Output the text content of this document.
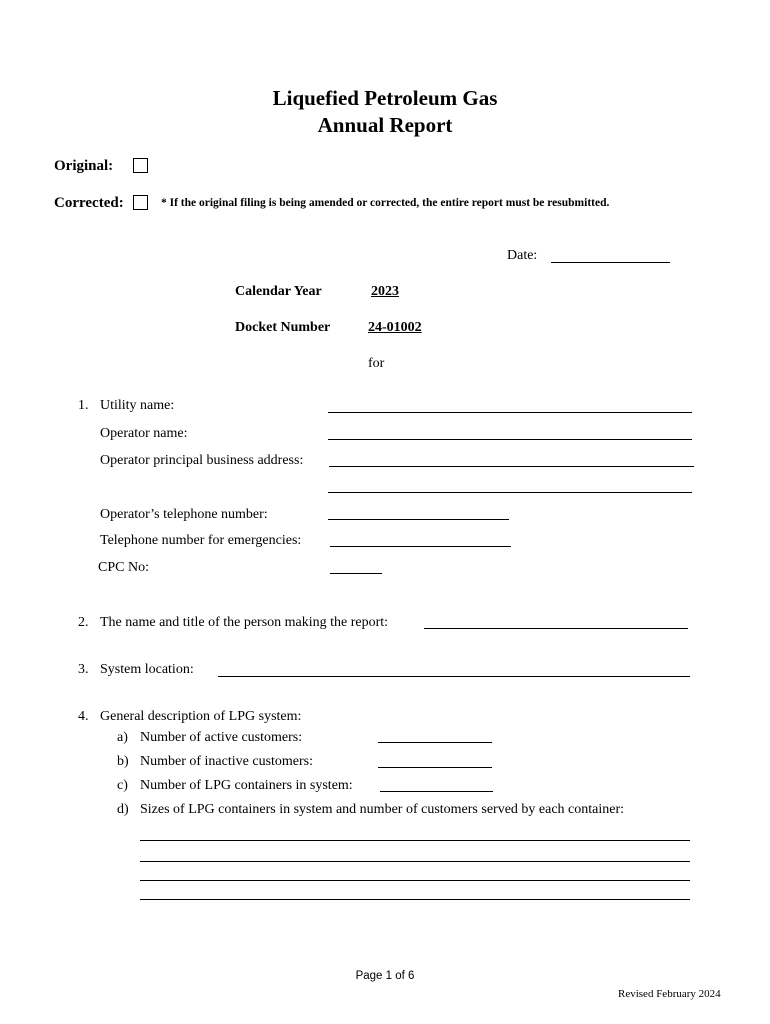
Liquefied Petroleum Gas
Annual Report
Original:
Corrected:	* If the original filing is being amended or corrected, the entire report must be resubmitted.
Date:
Calendar Year	2023
Docket Number	24-01002
for
1. Utility name:
Operator name:
Operator principal business address:
Operator’s telephone number:
Telephone number for emergencies:
CPC No:
2. The name and title of the person making the report:
3. System location:
4. General description of LPG system:
a) Number of active customers:
b) Number of inactive customers:
c) Number of LPG containers in system:
d) Sizes of LPG containers in system and number of customers served by each container:
Page 1 of 6
Revised February 2024
